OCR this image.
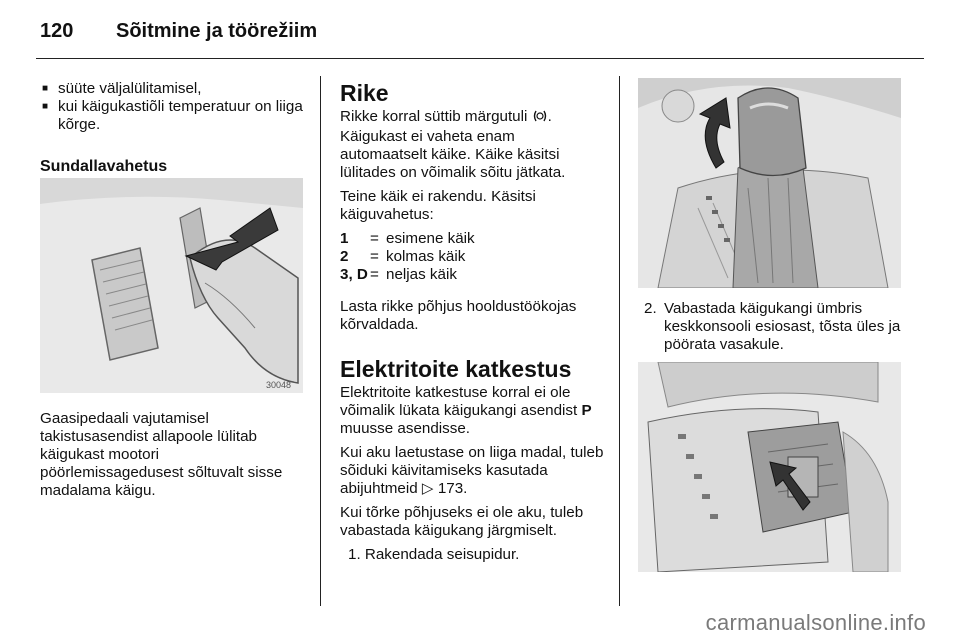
120 Sõitmine ja töörežiim
■ süüte väljalülitamisel,
■ kui käigukastiõli temperatuur on liiga kõrge.
Sundallavahetus
30048

Gaasipedaali vajutamisel takistusasendist allapoole lülitab käigukast mootori pöörlemissagedusest sõltuvalt sisse madalama käigu.

Rike

Rikke korral süttib märgutuli . Käigukast ei vaheta enam automaatselt käike. Käike käsitsi lülitades on võimalik sõitu jätkata.

Teine käik ei rakendu. Käsitsi käiguvahetus:

1	=	esimene käik
2	=	kolmas käik
3, D	=	neljas käik

Lasta rikke põhjus hooldustöökojas kõrvaldada.

Elektritoite katkestus

Elektritoite katkestuse korral ei ole võimalik lükata käigukangi asendist P muusse asendisse.

Kui aku laetustase on liiga madal, tuleb sõiduki käivitamiseks kasutada abijuhtmeid ▷ 173.

Kui tõrke põhjuseks ei ole aku, tuleb vabastada käigukang järgmiselt.

1. Rakendada seisupidur.

2. Vabastada käigukangi ümbris keskkonsooli esiosast, tõsta üles ja pöörata vasakule.
carmanualsonline.info
